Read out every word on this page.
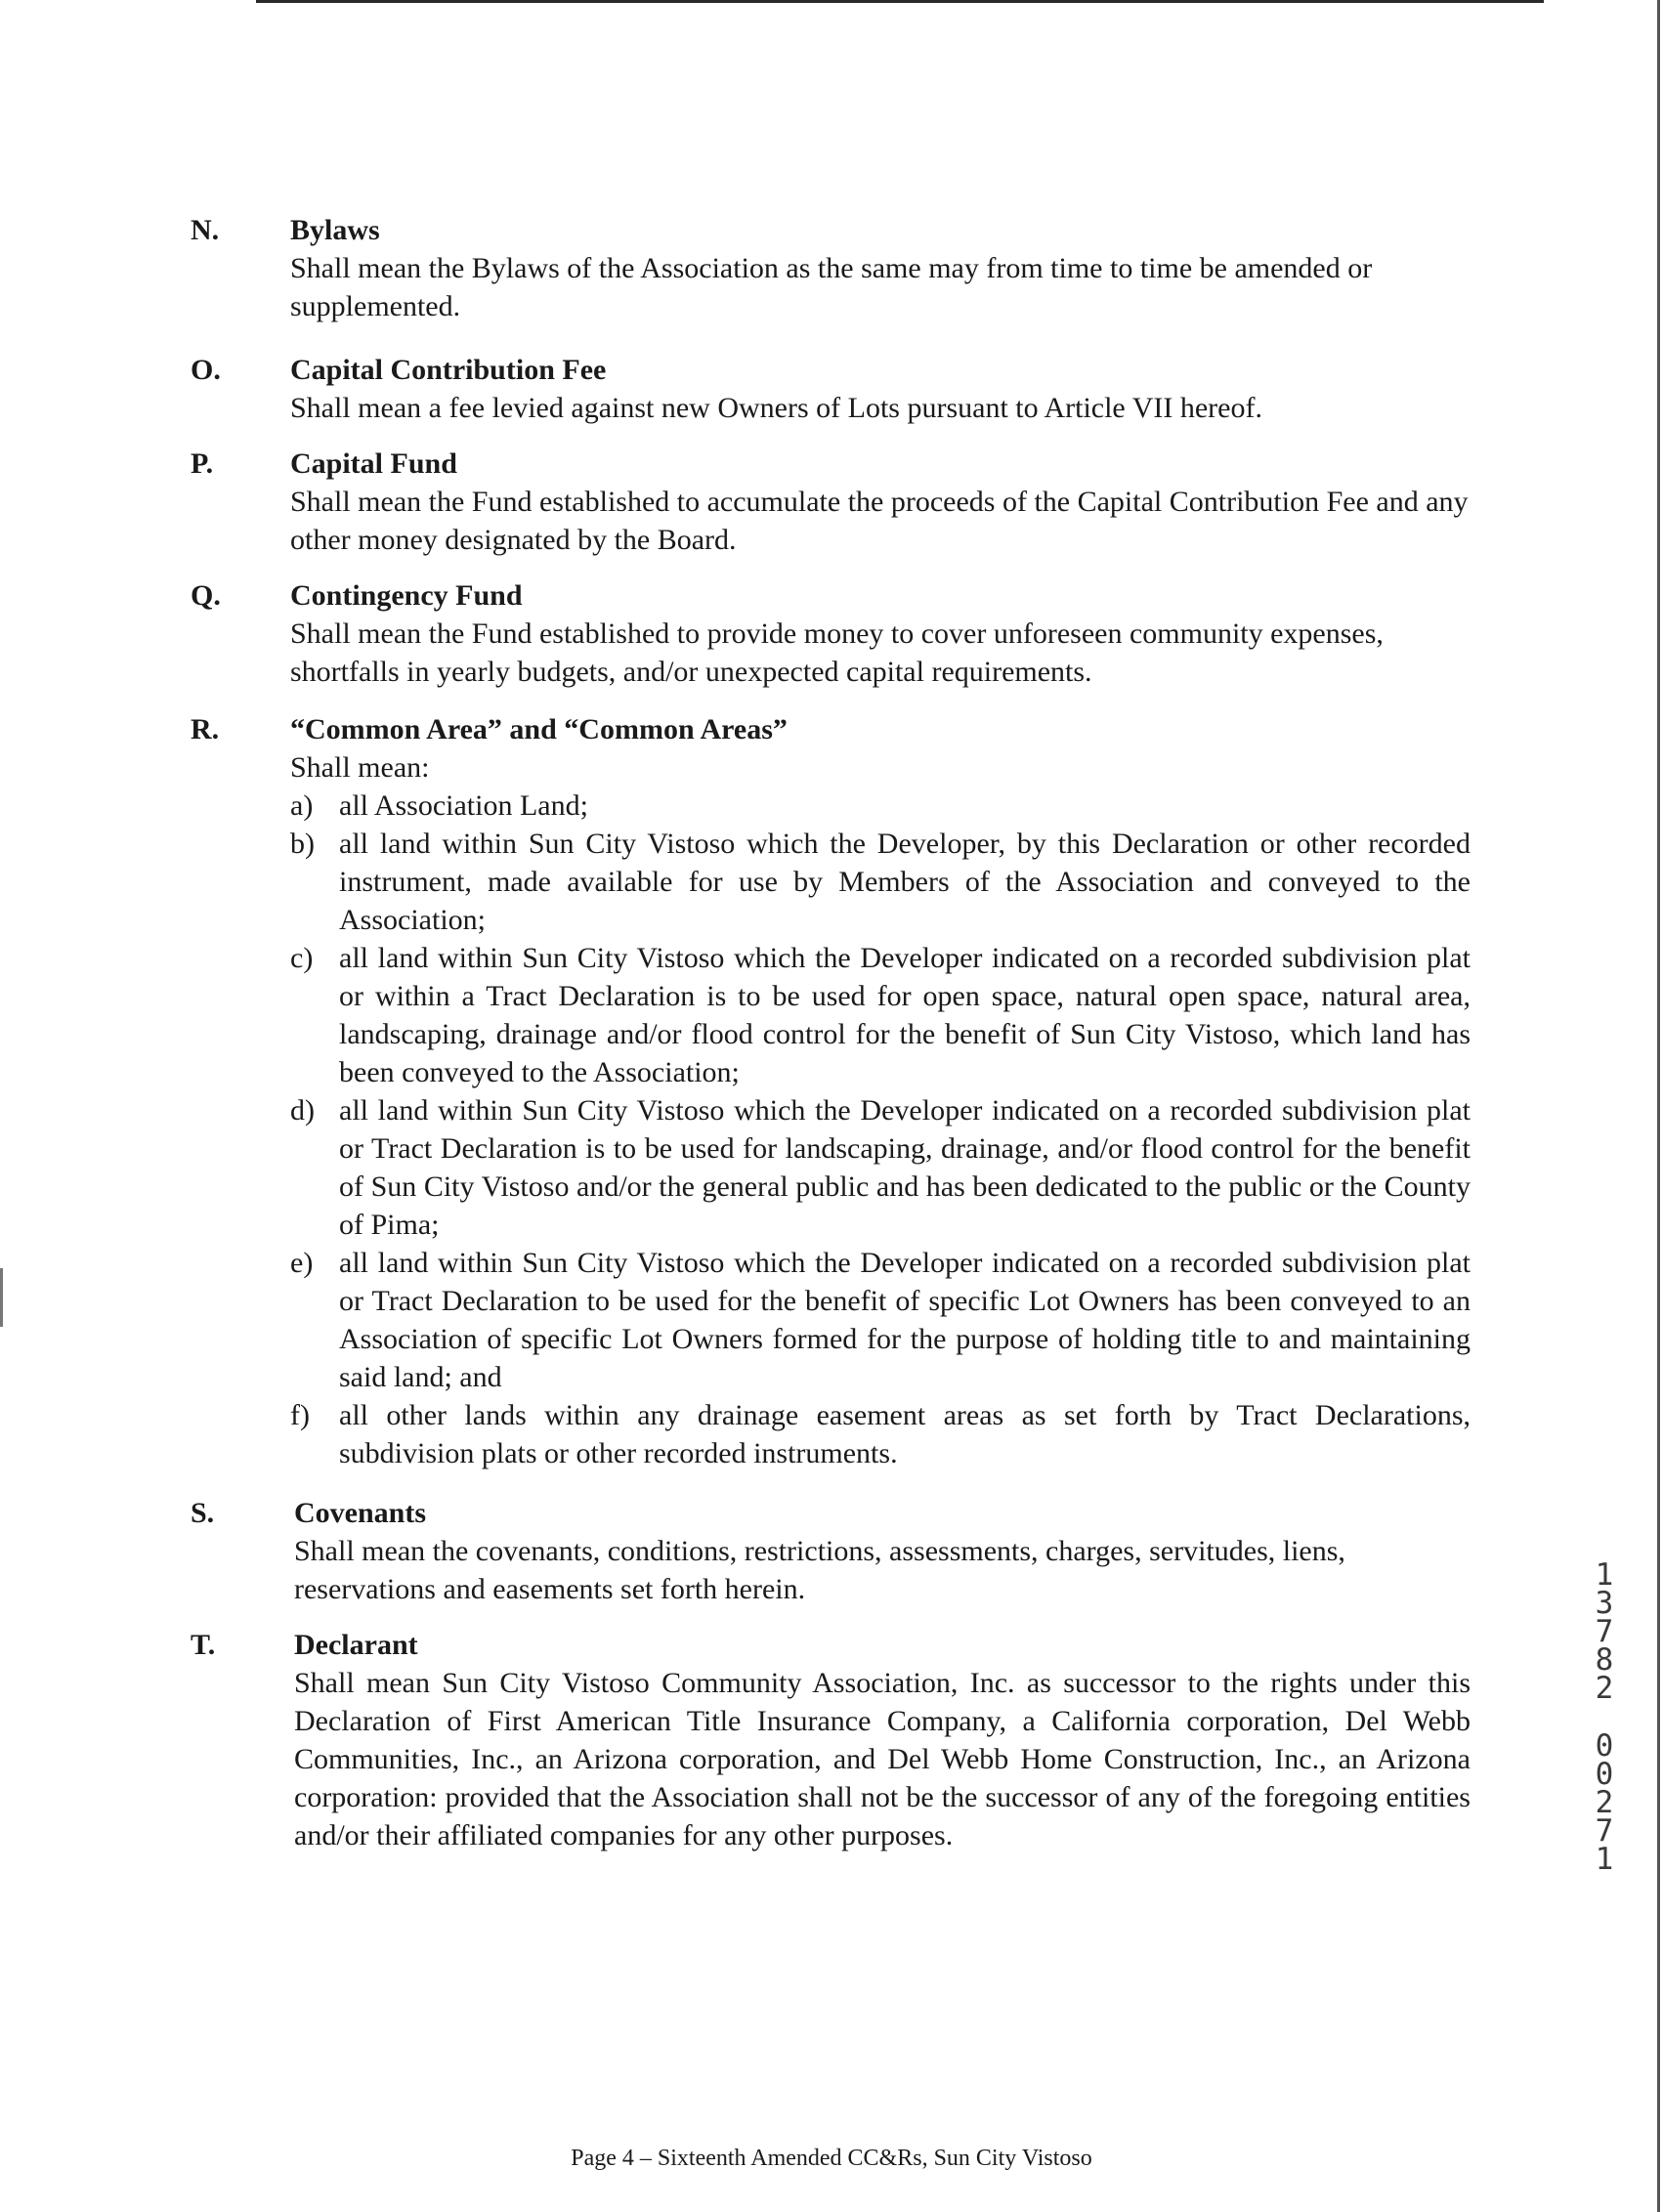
N. Bylaws
Shall mean the Bylaws of the Association as the same may from time to time be amended or supplemented.
O. Capital Contribution Fee
Shall mean a fee levied against new Owners of Lots pursuant to Article VII hereof.
P.	Capital Fund
Shall mean the Fund established to accumulate the proceeds of the Capital Contribution Fee and any other money designated by the Board.
Q. Contingency Fund
Shall mean the Fund established to provide money to cover unforeseen community expenses, shortfalls in yearly budgets, and/or unexpected capital requirements.
R. “Common Area” and “Common Areas”
Shall mean:
a) all Association Land;
b) all land within Sun City Vistoso which the Developer, by this Declaration or other recorded instrument, made available for use by Members of the Association and conveyed to the Association;
c) all land within Sun City Vistoso which the Developer indicated on a recorded subdivision plat or within a Tract Declaration is to be used for open space, natural open space, natural area, landscaping, drainage and/or flood control for the benefit of Sun City Vistoso, which land has been conveyed to the Association;
d) all land within Sun City Vistoso which the Developer indicated on a recorded subdivision plat or Tract Declaration is to be used for landscaping, drainage, and/or flood control for the benefit of Sun City Vistoso and/or the general public and has been dedicated to the public or the County of Pima;
e) all land within Sun City Vistoso which the Developer indicated on a recorded subdivision plat or Tract Declaration to be used for the benefit of specific Lot Owners has been conveyed to an Association of specific Lot Owners formed for the purpose of holding title to and maintaining said land; and
f) all other lands within any drainage easement areas as set forth by Tract Declarations, subdivision plats or other recorded instruments.
S.	Covenants
Shall mean the covenants, conditions, restrictions, assessments, charges, servitudes, liens, reservations and easements set forth herein.
T.	Declarant
Shall mean Sun City Vistoso Community Association, Inc. as successor to the rights under this Declaration of First American Title Insurance Company, a California corporation, Del Webb Communities, Inc., an Arizona corporation, and Del Webb Home Construction, Inc., an Arizona corporation: provided that the Association shall not be the successor of any of the foregoing entities and/or their affiliated companies for any other purposes.
1
3
7
8
2
0
0
2
7
1
Page 4 – Sixteenth Amended CC&Rs, Sun City Vistoso
